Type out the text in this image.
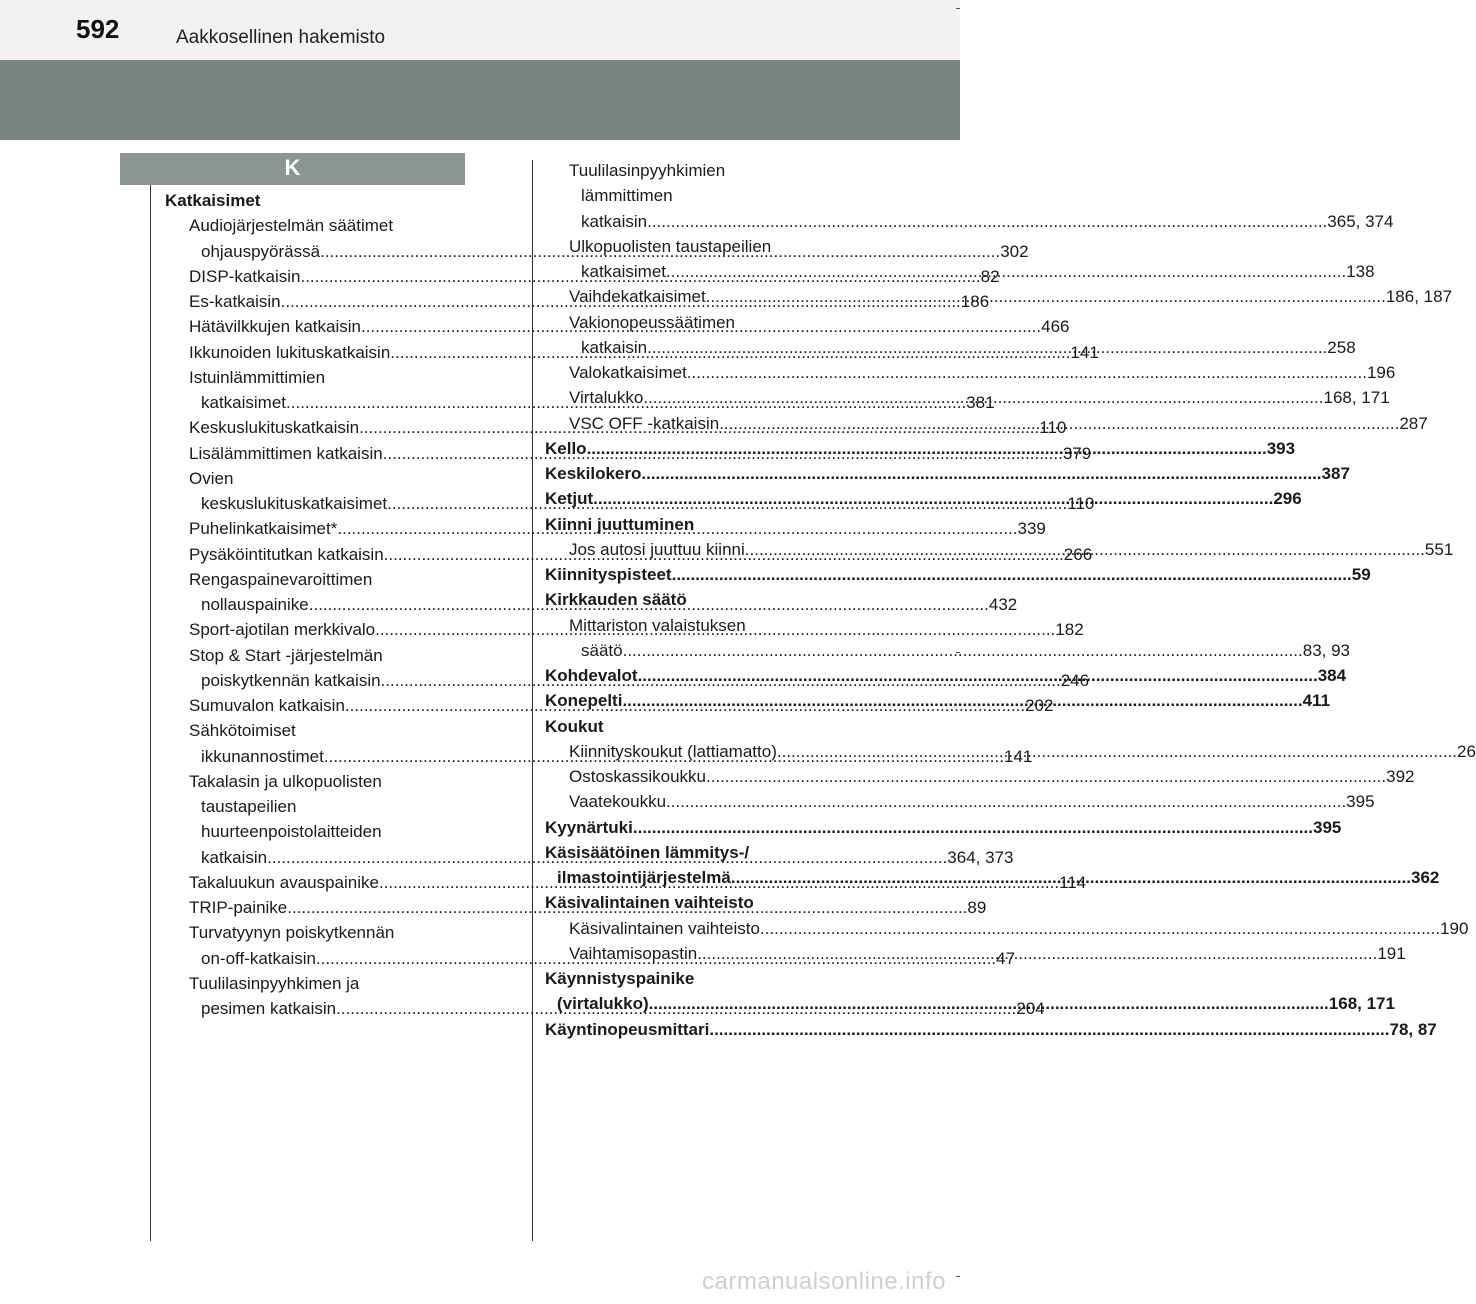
592	Aakkosellinen hakemisto
K
Katkaisimet
Audiojärjestelmän säätimet
ohjauspyörässä .....	302
DISP-katkaisin .....	82
Es-katkaisin .....	186
Hätävilkkujen katkaisin .....	466
Ikkunoiden lukituskatkaisin .....	141
Istuinlämmittimien
katkaisimet .....	381
Keskuslukituskatkaisin .....	110
Lisälämmittimen katkaisin .....	379
Ovien
keskuslukituskatkaisimet .....	110
Puhelinkatkaisimet* .....	339
Pysäköintitutkan katkaisin .....	266
Rengaspainevaroittimen
nollauspainike .....	432
Sport-ajotilan merkkivalo .....	182
Stop & Start -järjestelmän
poiskytkennän katkaisin .....	246
Sumuvalon katkaisin .....	202
Sähkötoimiset
ikkunannostimet .....	141
Takalasin ja ulkopuolisten
taustapeilien
huurteenpoistolaitteiden
katkaisin .....	364, 373
Takaluukun avauspainike .....	114
TRIP-painike .....	89
Turvatyynyn poiskytkennän
on-off-katkaisin .....	47
Tuulilasinpyyhkimen ja
pesimen katkaisin .....	204
Tuulilasinpyyhkimien
lämmittimen
katkaisin .....	365, 374
Ulkopuolisten taustapeilien
katkaisimet .....	138
Vaihdekatkaisimet .....	186, 187
Vakionopeussäätimen
katkaisin .....	258
Valokatkaisimet .....	196
Virtalukko .....	168, 171
VSC OFF -katkaisin .....	287
Kello .....	393
Keskilokero .....	387
Ketjut .....	296
Kiinni juuttuminen
Jos autosi juuttuu kiinni .....	551
Kiinnityspisteet .....	59
Kirkkauden säätö
Mittariston valaistuksen
säätö .....	83, 93
Kohdevalot .....	384
Konepelti .....	411
Koukut
Kiinnityskoukut (lattiamatto) .....	26
Ostoskassikoukku .....	392
Vaatekoukku .....	395
Kyynärtuki .....	395
Käsisäätöinen lämmitys-/
ilmastointijärjestelmä .....	362
Käsivalintainen vaihteisto
Käsivalintainen vaihteisto .....	190
Vaihtamisopastin .....	191
Käynnistyspainike
(virtalukko) .....	168, 171
Käyntinopeusmittari .....	78, 87
carmanualsonline.info
